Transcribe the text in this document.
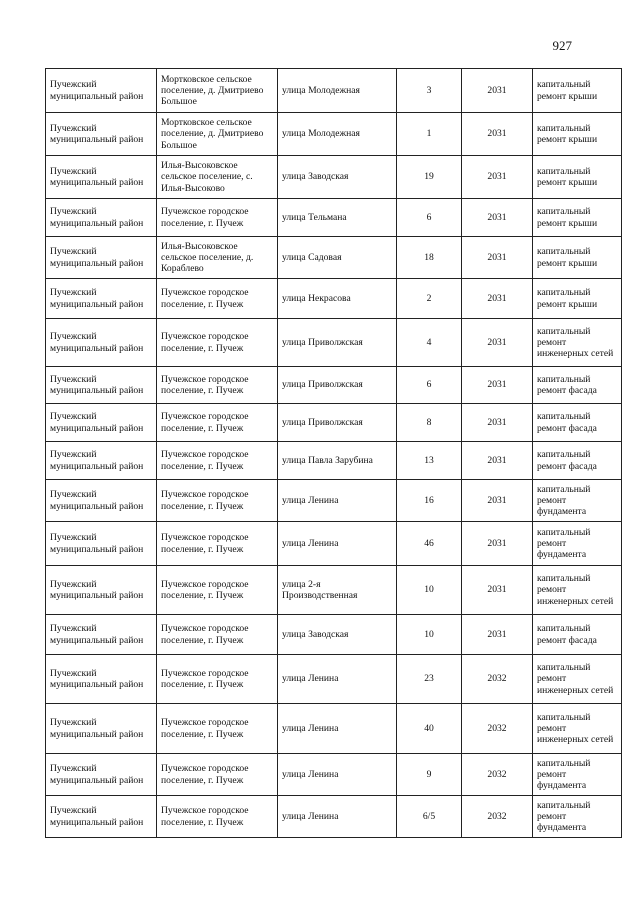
927
Пучежский муниципальный район	Мортковское сельское поселение, д. Дмитриево Большое	улица Молодежная	3	2031	капитальный ремонт крыши
Пучежский муниципальный район	Мортковское сельское поселение, д. Дмитриево Большое	улица Молодежная	1	2031	капитальный ремонт крыши
Пучежский муниципальный район	Илья-Высоковское сельское поселение, с. Илья-Высоково	улица Заводская	19	2031	капитальный ремонт крыши
Пучежский муниципальный район	Пучежское городское поселение, г. Пучеж	улица Тельмана	6	2031	капитальный ремонт крыши
Пучежский муниципальный район	Илья-Высоковское сельское поселение, д. Кораблево	улица Садовая	18	2031	капитальный ремонт крыши
Пучежский муниципальный район	Пучежское городское поселение, г. Пучеж	улица Некрасова	2	2031	капитальный ремонт крыши
Пучежский муниципальный район	Пучежское городское поселение, г. Пучеж	улица Приволжская	4	2031	капитальный ремонт инженерных сетей
Пучежский муниципальный район	Пучежское городское поселение, г. Пучеж	улица Приволжская	6	2031	капитальный ремонт фасада
Пучежский муниципальный район	Пучежское городское поселение, г. Пучеж	улица Приволжская	8	2031	капитальный ремонт фасада
Пучежский муниципальный район	Пучежское городское поселение, г. Пучеж	улица Павла Зарубина	13	2031	капитальный ремонт фасада
Пучежский муниципальный район	Пучежское городское поселение, г. Пучеж	улица Ленина	16	2031	капитальный ремонт фундамента
Пучежский муниципальный район	Пучежское городское поселение, г. Пучеж	улица Ленина	46	2031	капитальный ремонт фундамента
Пучежский муниципальный район	Пучежское городское поселение, г. Пучеж	улица 2-я Производственная	10	2031	капитальный ремонт инженерных сетей
Пучежский муниципальный район	Пучежское городское поселение, г. Пучеж	улица Заводская	10	2031	капитальный ремонт фасада
Пучежский муниципальный район	Пучежское городское поселение, г. Пучеж	улица Ленина	23	2032	капитальный ремонт инженерных сетей
Пучежский муниципальный район	Пучежское городское поселение, г. Пучеж	улица Ленина	40	2032	капитальный ремонт инженерных сетей
Пучежский муниципальный район	Пучежское городское поселение, г. Пучеж	улица Ленина	9	2032	капитальный ремонт фундамента
Пучежский муниципальный район	Пучежское городское поселение, г. Пучеж	улица Ленина	6/5	2032	капитальный ремонт фундамента
